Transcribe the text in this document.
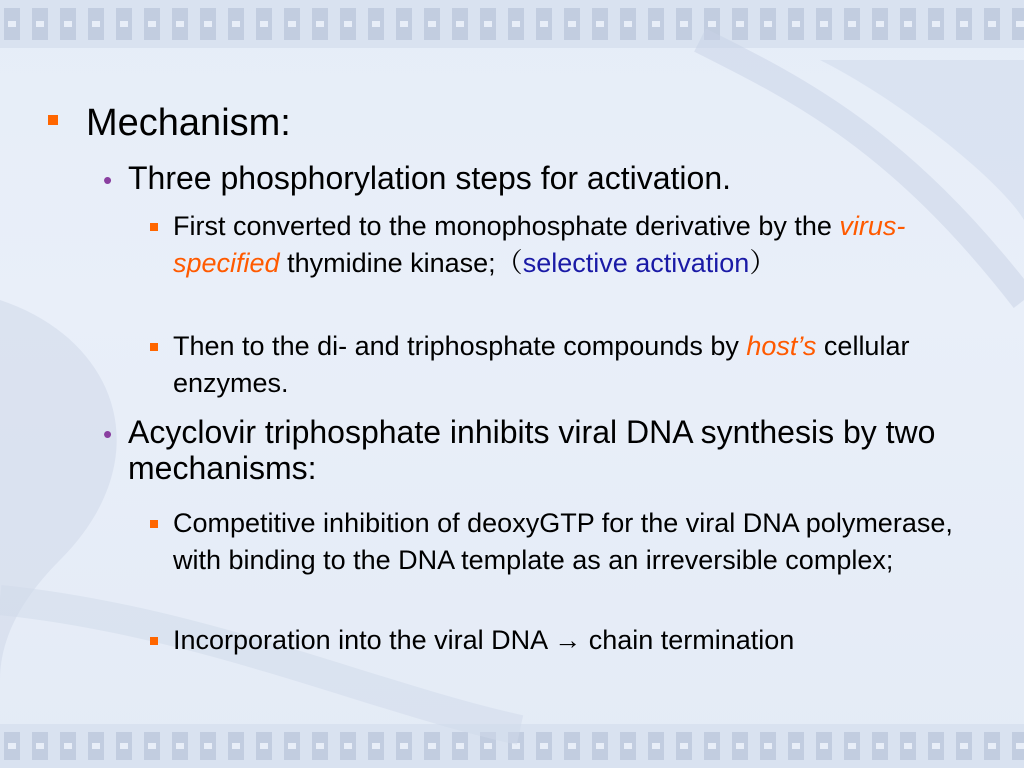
Mechanism:
• Three phosphorylation steps for activation.
First converted to the monophosphate derivative by the virus-specified thymidine kinase;（selective activation）
Then to the di- and triphosphate compounds by host’s cellular enzymes.
• Acyclovir triphosphate inhibits viral DNA synthesis by two mechanisms:
Competitive inhibition of deoxyGTP for the viral DNA polymerase, with binding to the DNA template as an irreversible complex;
Incorporation into the viral DNA → chain termination
